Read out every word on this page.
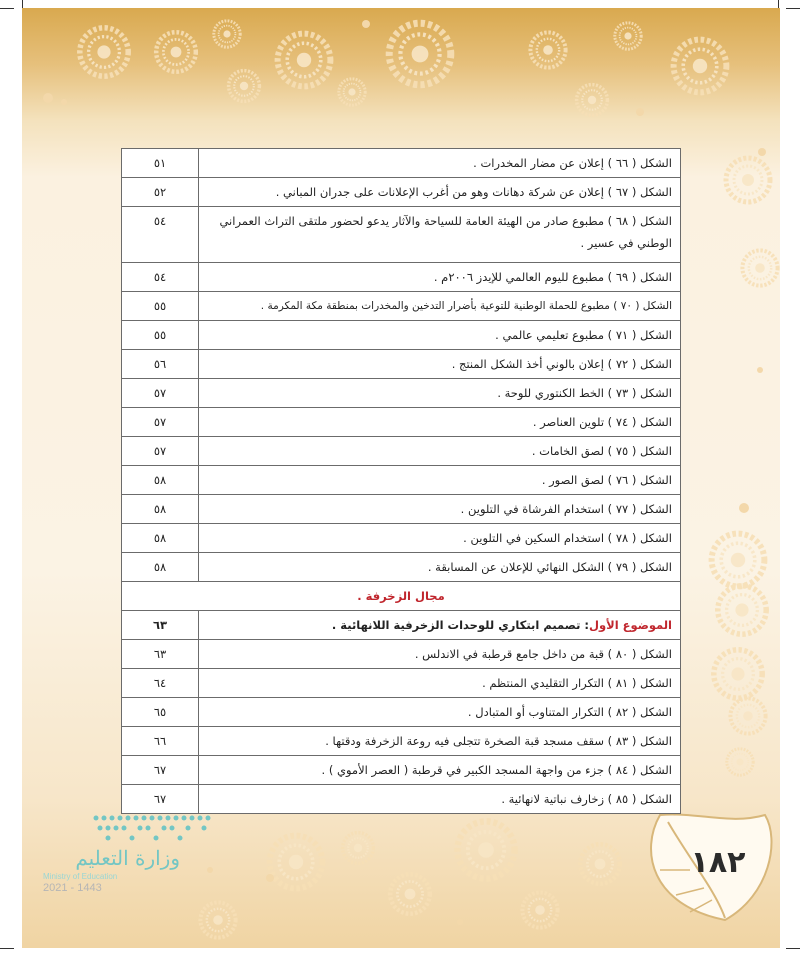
الشكل ( ٦٦ ) إعلان عن مضار المخدرات .	٥١
الشكل ( ٦٧ ) إعلان عن شركة دهانات وهو من أغرب الإعلانات على جدران المباني .	٥٢
الشكل ( ٦٨ ) مطبوع صادر من الهيئة العامة للسياحة والآثار يدعو لحضور ملتقى التراث العمراني الوطني في عسير .	٥٤
الشكل ( ٦٩ ) مطبوع لليوم العالمي للإيدز ٢٠٠٦م .	٥٤
الشكل ( ٧٠ ) مطبوع للحملة الوطنية للتوعية بأضرار التدخين والمخدرات بمنطقة مكة المكرمة .	٥٥
الشكل ( ٧١ ) مطبوع تعليمي عالمي .	٥٥
الشكل ( ٧٢ ) إعلان بالوني أخذ الشكل المنتج .	٥٦
الشكل ( ٧٣ ) الخط الكنتوري للوحة .	٥٧
الشكل ( ٧٤ ) تلوين العناصر .	٥٧
الشكل ( ٧٥ ) لصق الخامات .	٥٧
الشكل ( ٧٦ ) لصق الصور .	٥٨
الشكل ( ٧٧ ) استخدام الفرشاة في التلوين .	٥٨
الشكل ( ٧٨ ) استخدام السكين في التلوين .	٥٨
الشكل ( ٧٩ ) الشكل النهائي للإعلان عن المسابقة .	٥٨
مجال الزخرفة .	
الموضوع الأول: تصميم ابتكاري للوحدات الزخرفية اللانهائية .	٦٣
الشكل ( ٨٠ ) قبة من داخل جامع قرطبة في الاندلس .	٦٣
الشكل ( ٨١ ) التكرار التقليدي المنتظم .	٦٤
الشكل ( ٨٢ ) التكرار المتناوب أو المتبادل .	٦٥
الشكل ( ٨٣ ) سقف مسجد قبة الصخرة تتجلى فيه روعة الزخرفة ودقتها .	٦٦
الشكل ( ٨٤ ) جزء من واجهة المسجد الكبير في قرطبة ( العصر الأموي ) .	٦٧
الشكل ( ٨٥ ) زخارف نباتية لانهائية .	٦٧
وزارة التعليم
Ministry of Education
2021 - 1443
١٨٢
